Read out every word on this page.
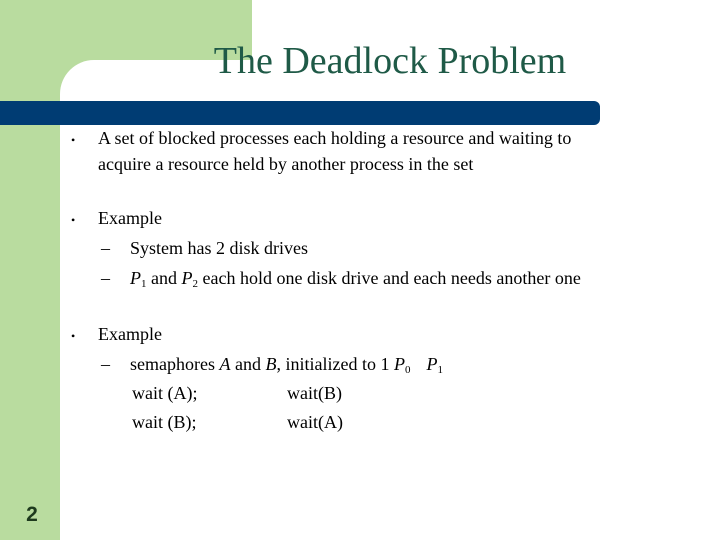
The Deadlock Problem
• A set of blocked processes each holding a resource and waiting to
acquire a resource held by another process in the set
• Example
– System has 2 disk drives
– $P_1$ and $P_2$ each hold one disk drive and each needs another one
• Example
– semaphores A and B, initialized to 1 $P_0$ $P_1$
wait (A);	wait(B)
wait (B);	wait(A)
2
